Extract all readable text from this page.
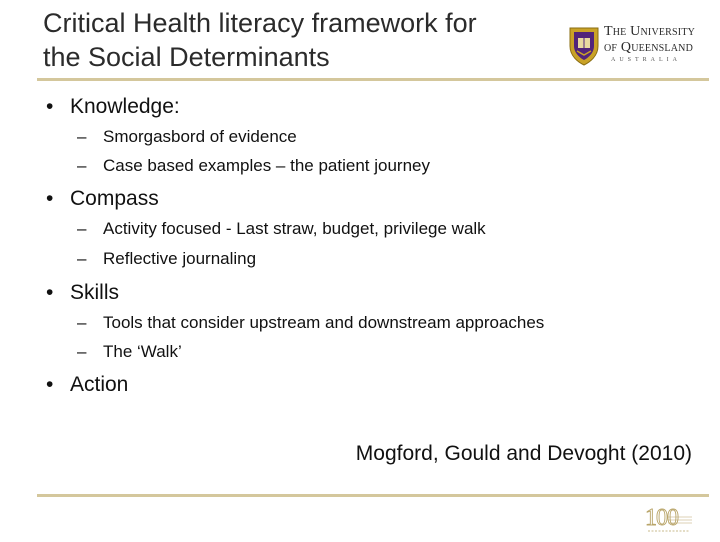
Critical Health literacy framework for
the Social Determinants
The University
of Queensland
AUSTRALIA
• Knowledge:
– Smorgasbord of evidence
– Case based examples – the patient journey
• Compass
– Activity focused - Last straw, budget, privilege walk
– Reflective journaling
• Skills
– Tools that consider upstream and downstream approaches
– The ‘Walk’
• Action
Mogford, Gould and Devoght (2010)
100
